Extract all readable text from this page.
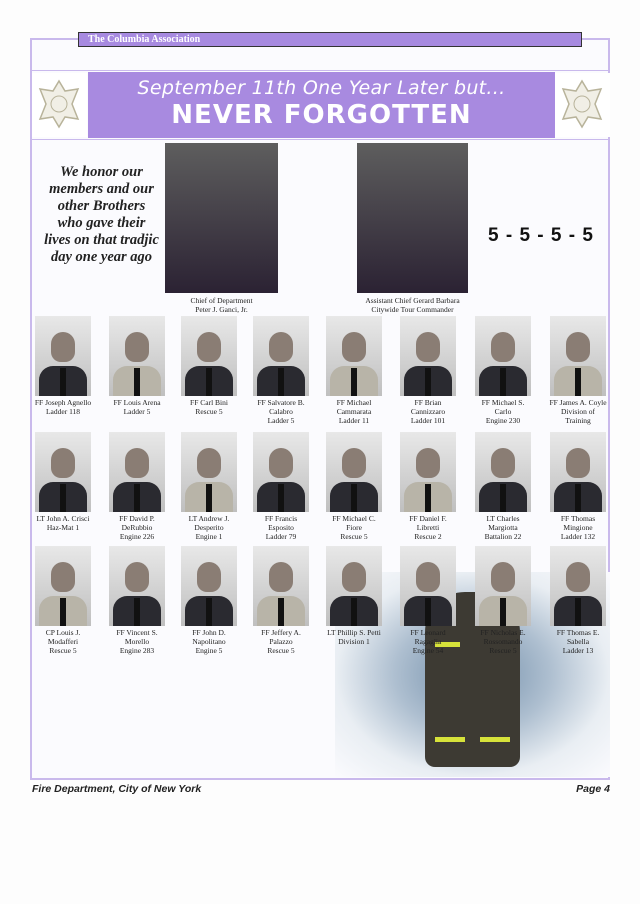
The Columbia Association
September 11th One Year Later but...
NEVER FORGOTTEN
We honor our members and our other Brothers who gave their lives on that tradjic day one year ago
Chief of Department
Peter J. Ganci, Jr.
Assistant Chief Gerard Barbara
Citywide Tour Commander
5 - 5 - 5 - 5
FF Joseph Agnello
Ladder 118
FF Louis Arena
Ladder 5
FF Carl Bini
Rescue 5
FF Salvatore B.
Calabro
Ladder 5
FF Michael
Cammarata
Ladder 11
FF Brian
Cannizzaro
Ladder 101
FF Michael S.
Carlo
Engine 230
FF James A. Coyle
Division of
Training
LT John A. Crisci
Haz-Mat 1
FF David P.
DeRubbio
Engine 226
LT Andrew J.
Desperito
Engine 1
FF Francis
Esposito
Ladder 79
FF Michael C.
Fiore
Rescue 5
FF Daniel F.
Libretti
Rescue 2
LT Charles
Margiotta
Battalion 22
FF Thomas
Mingione
Ladder 132
CP Louis J.
Modafferi
Rescue 5
FF Vincent S.
Morello
Engine 283
FF John D.
Napolitano
Engine 5
FF Jeffery A.
Palazzo
Rescue 5
LT Phillip S. Petti
Division 1
FF Leonard
Ragaglia
Engine 54
FF Nicholas E.
Rossomando
Rescue 5
FF Thomas E.
Sabella
Ladder 13
Fire Department, City of New York	Page 4
